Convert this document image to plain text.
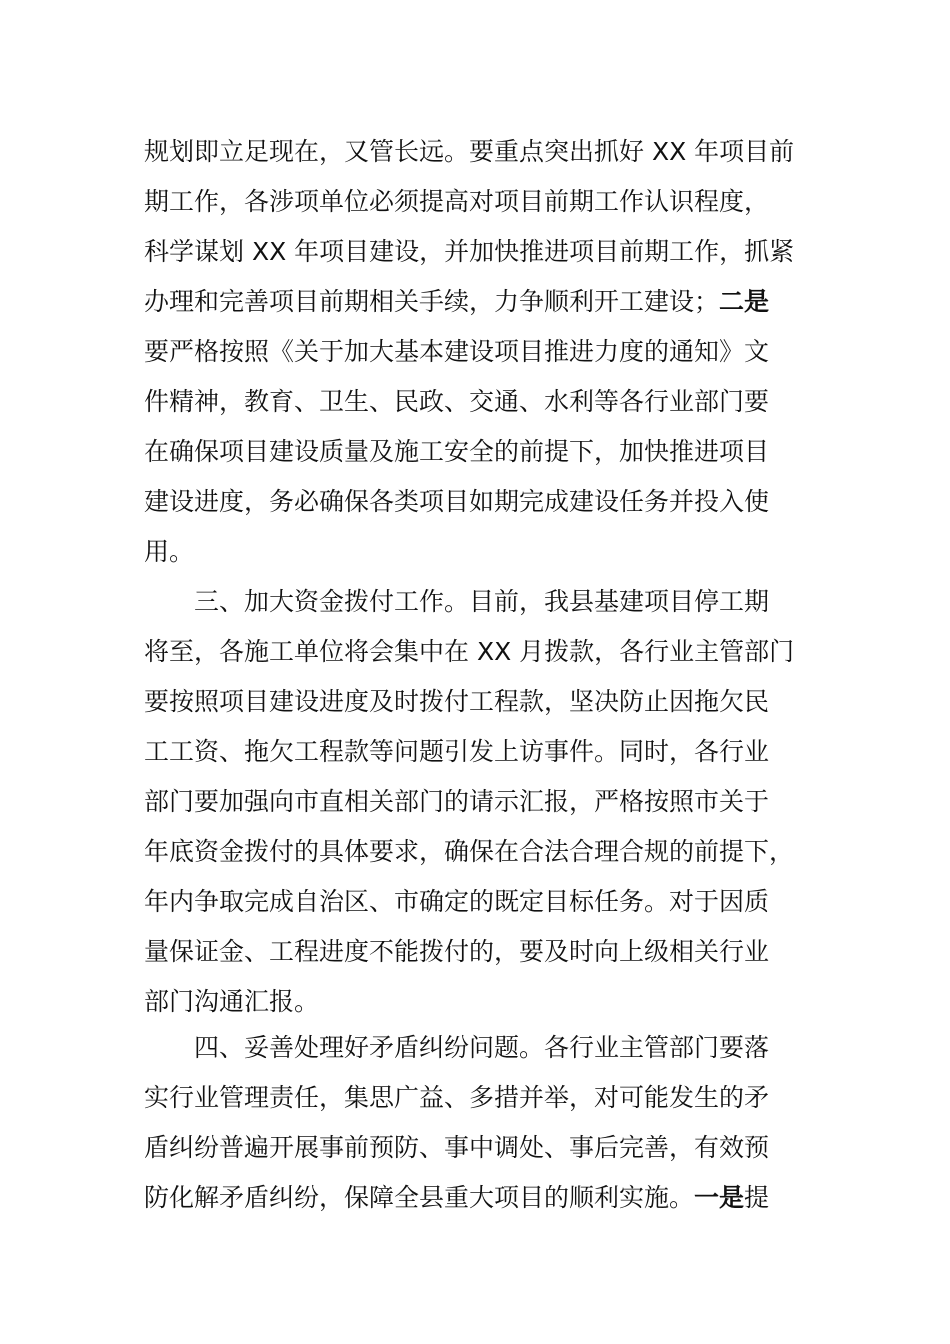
规划即立足现在，又管长远。要重点突出抓好 XX 年项目前
期工作，各涉项单位必须提高对项目前期工作认识程度，
科学谋划 XX 年项目建设，并加快推进项目前期工作，抓紧
办理和完善项目前期相关手续，力争顺利开工建设；二是
要严格按照《关于加大基本建设项目推进力度的通知》文
件精神，教育、卫生、民政、交通、水利等各行业部门要
在确保项目建设质量及施工安全的前提下，加快推进项目
建设进度，务必确保各类项目如期完成建设任务并投入使
用。
三、加大资金拨付工作。目前，我县基建项目停工期
将至，各施工单位将会集中在 XX 月拨款，各行业主管部门
要按照项目建设进度及时拨付工程款，坚决防止因拖欠民
工工资、拖欠工程款等问题引发上访事件。同时，各行业
部门要加强向市直相关部门的请示汇报，严格按照市关于
年底资金拨付的具体要求，确保在合法合理合规的前提下，
年内争取完成自治区、市确定的既定目标任务。对于因质
量保证金、工程进度不能拨付的，要及时向上级相关行业
部门沟通汇报。
四、妥善处理好矛盾纠纷问题。各行业主管部门要落
实行业管理责任，集思广益、多措并举，对可能发生的矛
盾纠纷普遍开展事前预防、事中调处、事后完善，有效预
防化解矛盾纠纷，保障全县重大项目的顺利实施。一是提
